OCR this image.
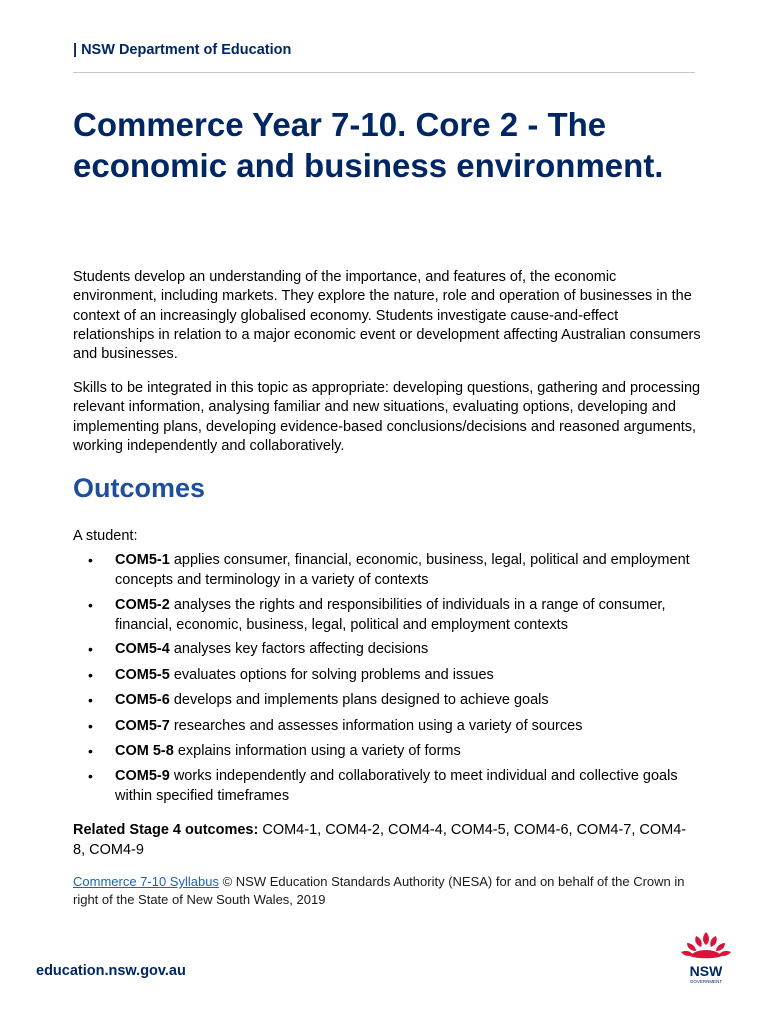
| NSW Department of Education
Commerce Year 7-10. Core 2 - The economic and business environment.

Students develop an understanding of the importance, and features of, the economic environment, including markets. They explore the nature, role and operation of businesses in the context of an increasingly globalised economy. Students investigate cause-and-effect relationships in relation to a major economic event or development affecting Australian consumers and businesses.

Skills to be integrated in this topic as appropriate: developing questions, gathering and processing relevant information, analysing familiar and new situations, evaluating options, developing and implementing plans, developing evidence-based conclusions/decisions and reasoned arguments, working independently and collaboratively.

Outcomes
A student:
• COM5-1 applies consumer, financial, economic, business, legal, political and employment concepts and terminology in a variety of contexts
• COM5-2 analyses the rights and responsibilities of individuals in a range of consumer, financial, economic, business, legal, political and employment contexts
• COM5-4 analyses key factors affecting decisions
• COM5-5 evaluates options for solving problems and issues
• COM5-6 develops and implements plans designed to achieve goals
• COM5-7 researches and assesses information using a variety of sources
• COM 5-8 explains information using a variety of forms
• COM5-9 works independently and collaboratively to meet individual and collective goals within specified timeframes
Related Stage 4 outcomes: COM4-1, COM4-2, COM4-4, COM4-5, COM4-6, COM4-7, COM4-8, COM4-9
Commerce 7-10 Syllabus © NSW Education Standards Authority (NESA) for and on behalf of the Crown in right of the State of New South Wales, 2019
education.nsw.gov.au	NSW
GOVERNMENT
